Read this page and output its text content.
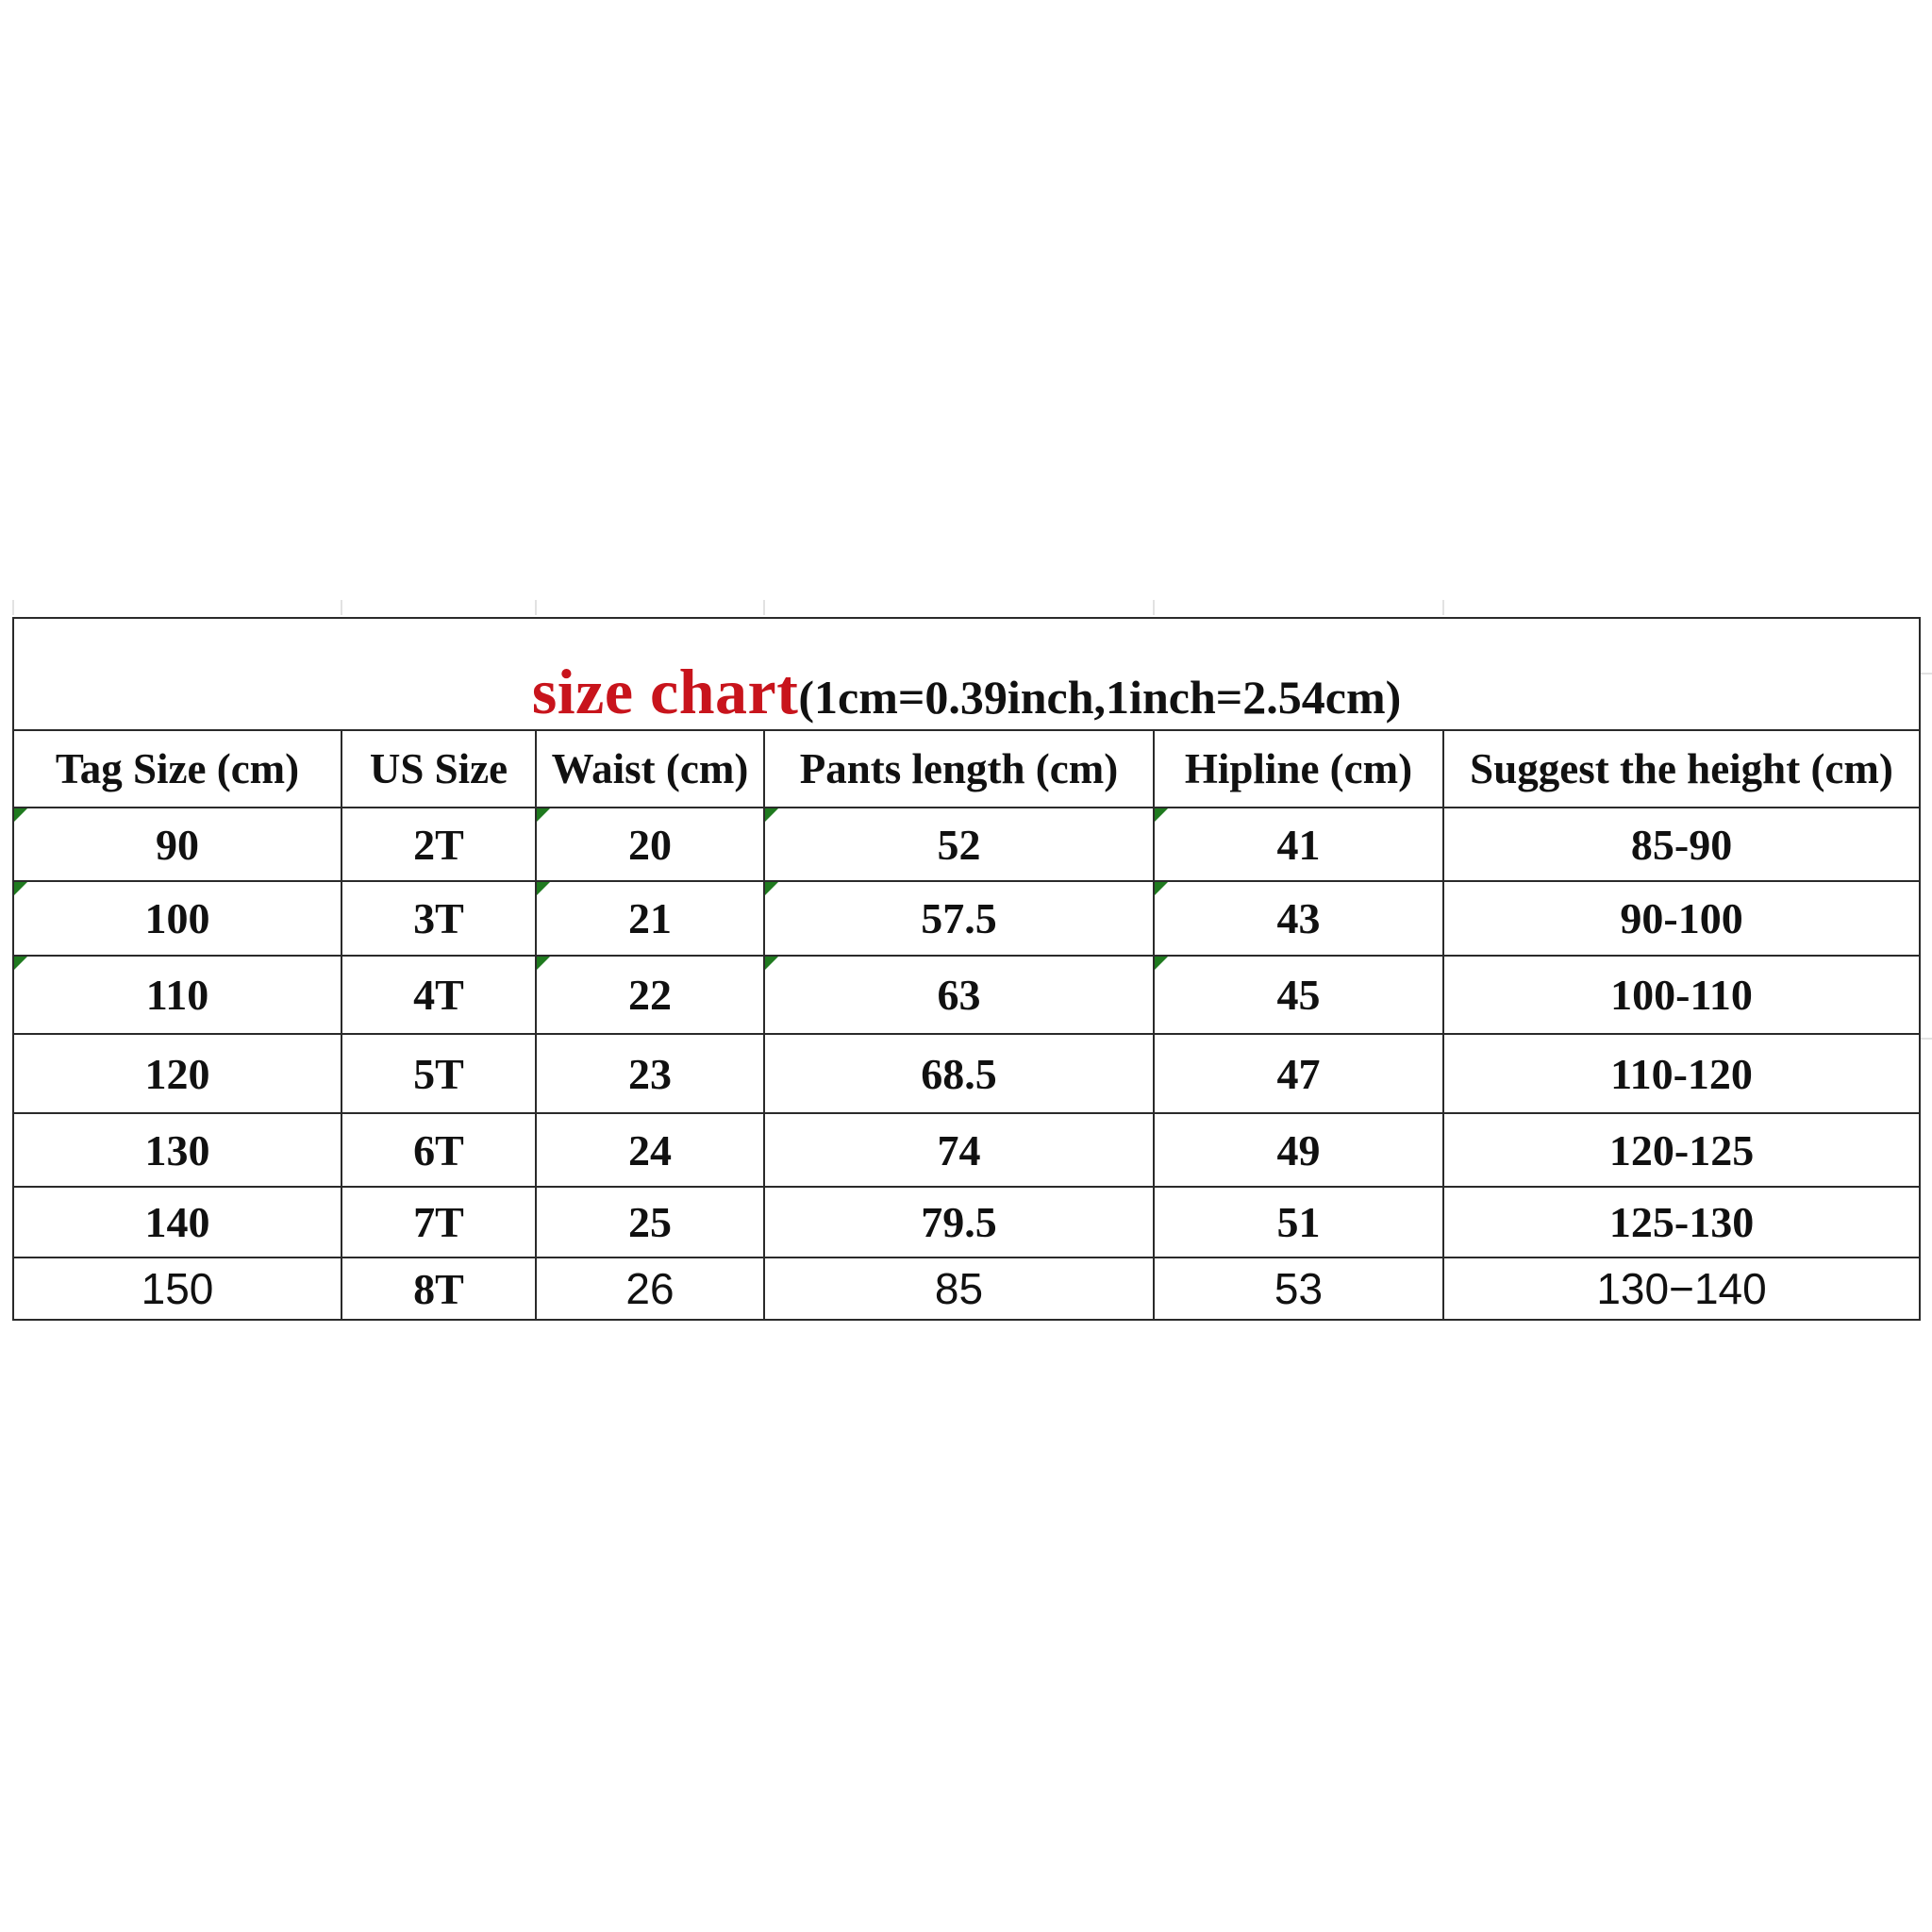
size chart(1cm=0.39inch,1inch=2.54cm)					

Tag Size (cm)	US Size	Waist (cm)	Pants length (cm)	Hipline (cm)	Suggest the height (cm)

90	2T	20	52	41	85-90

100	3T	21	57.5	43	90-100

110	4T	22	63	45	100-110
120	5T	23	68.5	47	110-120
130	6T	24	74	49	120-125
140	7T	25	79.5	51	125-130
150	8T	26	85	53	130−140
